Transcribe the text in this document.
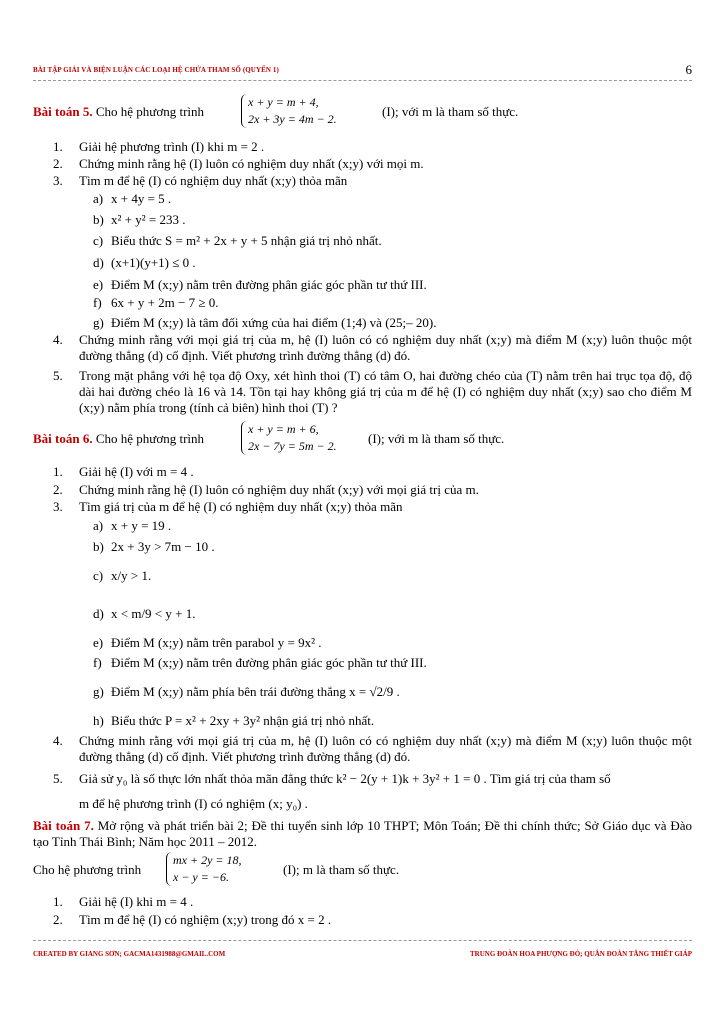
BÀI TẬP GIẢI VÀ BIỆN LUẬN CÁC LOẠI HỆ CHỨA THAM SỐ (QUYỂN 1)	6
Bài toán 5. Cho hệ phương trình
x + y = m + 4,
2x + 3y = 4m − 2.	(I); với m là tham số thực.
1. Giải hệ phương trình (I) khi m = 2 .
2. Chứng minh rằng hệ (I) luôn có nghiệm duy nhất (x;y) với mọi m.
3. Tìm m để hệ (I) có nghiệm duy nhất (x;y) thỏa mãn
a) x + 4y = 5 .
b) x² + y² = 233 .
c) Biểu thức S = m² + 2x + y + 5 nhận giá trị nhỏ nhất.
d) (x+1)(y+1) ≤ 0 .
e) Điểm M (x;y) nằm trên đường phân giác góc phần tư thứ III.
f) 6x + y + 2m − 7 ≥ 0.
g) Điểm M (x;y) là tâm đối xứng của hai điểm (1;4) và (25;– 20).
4. Chứng minh rằng với mọi giá trị của m, hệ (I) luôn có có nghiệm duy nhất (x;y) mà điểm M (x;y) luôn thuộc một đường thẳng (d) cố định. Viết phương trình đường thẳng (d) đó.
5. Trong mặt phẳng với hệ tọa độ Oxy, xét hình thoi (T) có tâm O, hai đường chéo của (T) nằm trên hai trục tọa độ, độ dài hai đường chéo là 16 và 14. Tồn tại hay không giá trị của m để hệ (I) có nghiệm duy nhất (x;y) sao cho điểm M (x;y) nằm phía trong (tính cả biên) hình thoi (T) ?
Bài toán 6. Cho hệ phương trình
x + y = m + 6,
2x − 7y = 5m − 2. (I); với m là tham số thực.
1. Giải hệ (I) với m = 4 .
2. Chứng minh rằng hệ (I) luôn có nghiệm duy nhất (x;y) với mọi giá trị của m.
3. Tìm giá trị của m để hệ (I) có nghiệm duy nhất (x;y) thỏa mãn
a) x + y = 19 .
b) 2x + 3y > 7m − 10 .
c) x/y > 1.
d) x < m/9 < y + 1.
e) Điểm M (x;y) nằm trên parabol y = 9x² .
f) Điểm M (x;y) nằm trên đường phân giác góc phần tư thứ III.
g) Điểm M (x;y) nằm phía bên trái đường thẳng x = √2/9 .
h) Biểu thức P = x² + 2xy + 3y² nhận giá trị nhỏ nhất.
4. Chứng minh rằng với mọi giá trị của m, hệ (I) luôn có có nghiệm duy nhất (x;y) mà điểm M (x;y) luôn thuộc một đường thẳng (d) cố định. Viết phương trình đường thẳng (d) đó.
5. Giả sử y₀ là số thực lớn nhất thỏa mãn đẳng thức k² − 2(y + 1)k + 3y² + 1 = 0 . Tìm giá trị của tham số
m để hệ phương trình (I) có nghiệm (x; y₀) .
Bài toán 7. Mở rộng và phát triển bài 2; Đề thi tuyển sinh lớp 10 THPT; Môn Toán; Đề thi chính thức; Sở Giáo dục và Đào tạo Tỉnh Thái Bình; Năm học 2011 – 2012.
Cho hệ phương trình
mx + 2y = 18,
x − y = −6.	(I); m là tham số thực.
1. Giải hệ (I) khi m = 4 .
2. Tìm m để hệ (I) có nghiệm (x;y) trong đó x = 2 .
CREATED BY GIANG SƠN; GACMA1431988@GMAIL.COM	TRUNG ĐOÀN HOA PHƯỢNG ĐỎ; QUÂN ĐOÀN TĂNG THIẾT GIÁP
